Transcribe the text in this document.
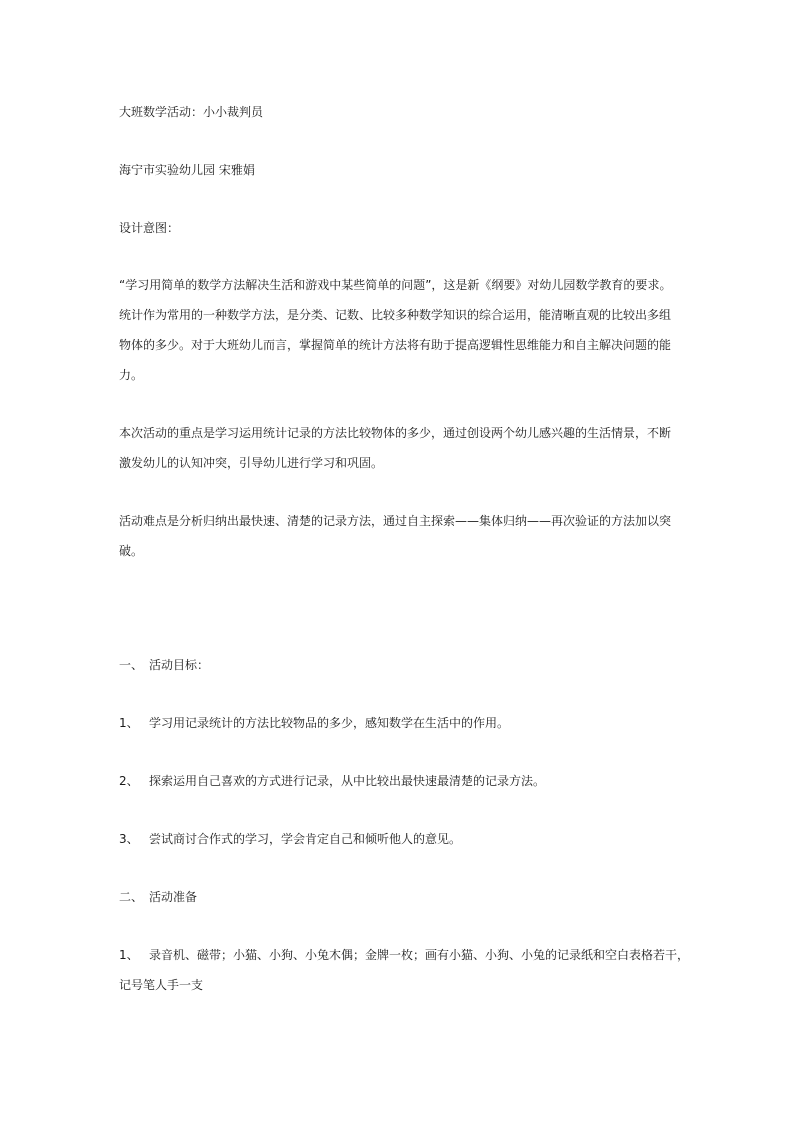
大班数学活动：小小裁判员

海宁市实验幼儿园 宋雅娟

设计意图：

“学习用简单的数学方法解决生活和游戏中某些简单的问题”，这是新《纲要》对幼儿园数学教育的要求。
统计作为常用的一种数学方法，是分类、记数、比较多种数学知识的综合运用，能清晰直观的比较出多组
物体的多少。对于大班幼儿而言，掌握简单的统计方法将有助于提高逻辑性思维能力和自主解决问题的能
力。
本次活动的重点是学习运用统计记录的方法比较物体的多少，通过创设两个幼儿感兴趣的生活情景，不断
激发幼儿的认知冲突，引导幼儿进行学习和巩固。
活动难点是分析归纳出最快速、清楚的记录方法，通过自主探索——集体归纳——再次验证的方法加以突
破。

一、 活动目标：

1、 学习用记录统计的方法比较物品的多少，感知数学在生活中的作用。

2、 探索运用自己喜欢的方式进行记录，从中比较出最快速最清楚的记录方法。

3、 尝试商讨合作式的学习，学会肯定自己和倾听他人的意见。

二、 活动准备

1、 录音机、磁带；小猫、小狗、小兔木偶；金牌一枚；画有小猫、小狗、小兔的记录纸和空白表格若干，

记号笔人手一支
